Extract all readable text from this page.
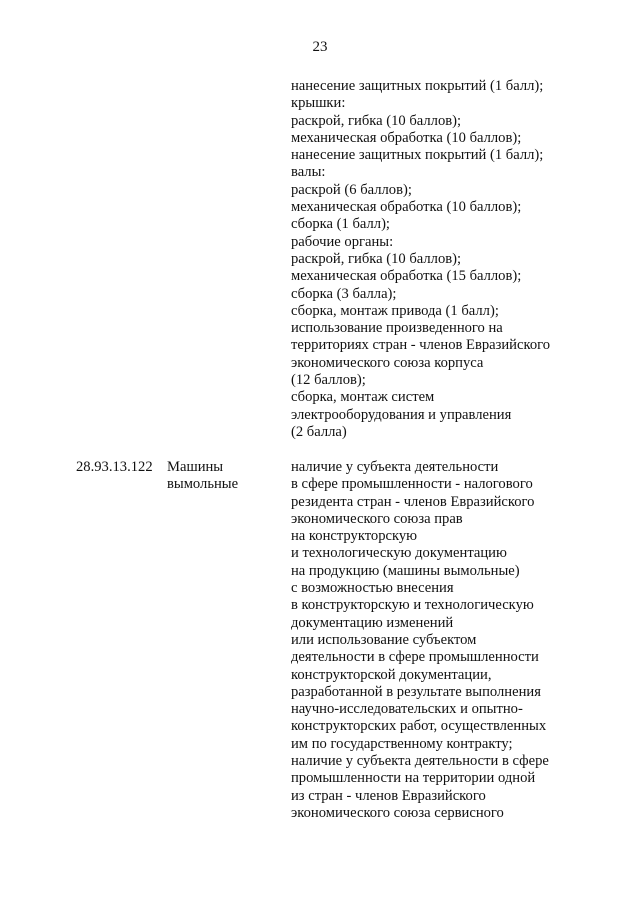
23
нанесение защитных покрытий (1 балл);
крышки:
раскрой, гибка (10 баллов);
механическая обработка (10 баллов);
нанесение защитных покрытий (1 балл);
валы:
раскрой (6 баллов);
механическая обработка (10 баллов);
сборка (1 балл);
рабочие органы:
раскрой, гибка (10 баллов);
механическая обработка (15 баллов);
сборка (3 балла);
сборка, монтаж привода (1 балл);
использование произведенного на
территориях стран - членов Евразийского
экономического союза корпуса
(12 баллов);
сборка, монтаж систем
электрооборудования и управления
(2 балла)
28.93.13.122 Машины
вымольные
наличие у субъекта деятельности
в сфере промышленности - налогового
резидента стран - членов Евразийского
экономического союза прав
на конструкторскую
и технологическую документацию
на продукцию (машины вымольные)
с возможностью внесения
в конструкторскую и технологическую
документацию изменений
или использование субъектом
деятельности в сфере промышленности
конструкторской документации,
разработанной в результате выполнения
научно-исследовательских и опытно-
конструкторских работ, осуществленных
им по государственному контракту;
наличие у субъекта деятельности в сфере
промышленности на территории одной
из стран - членов Евразийского
экономического союза сервисного
